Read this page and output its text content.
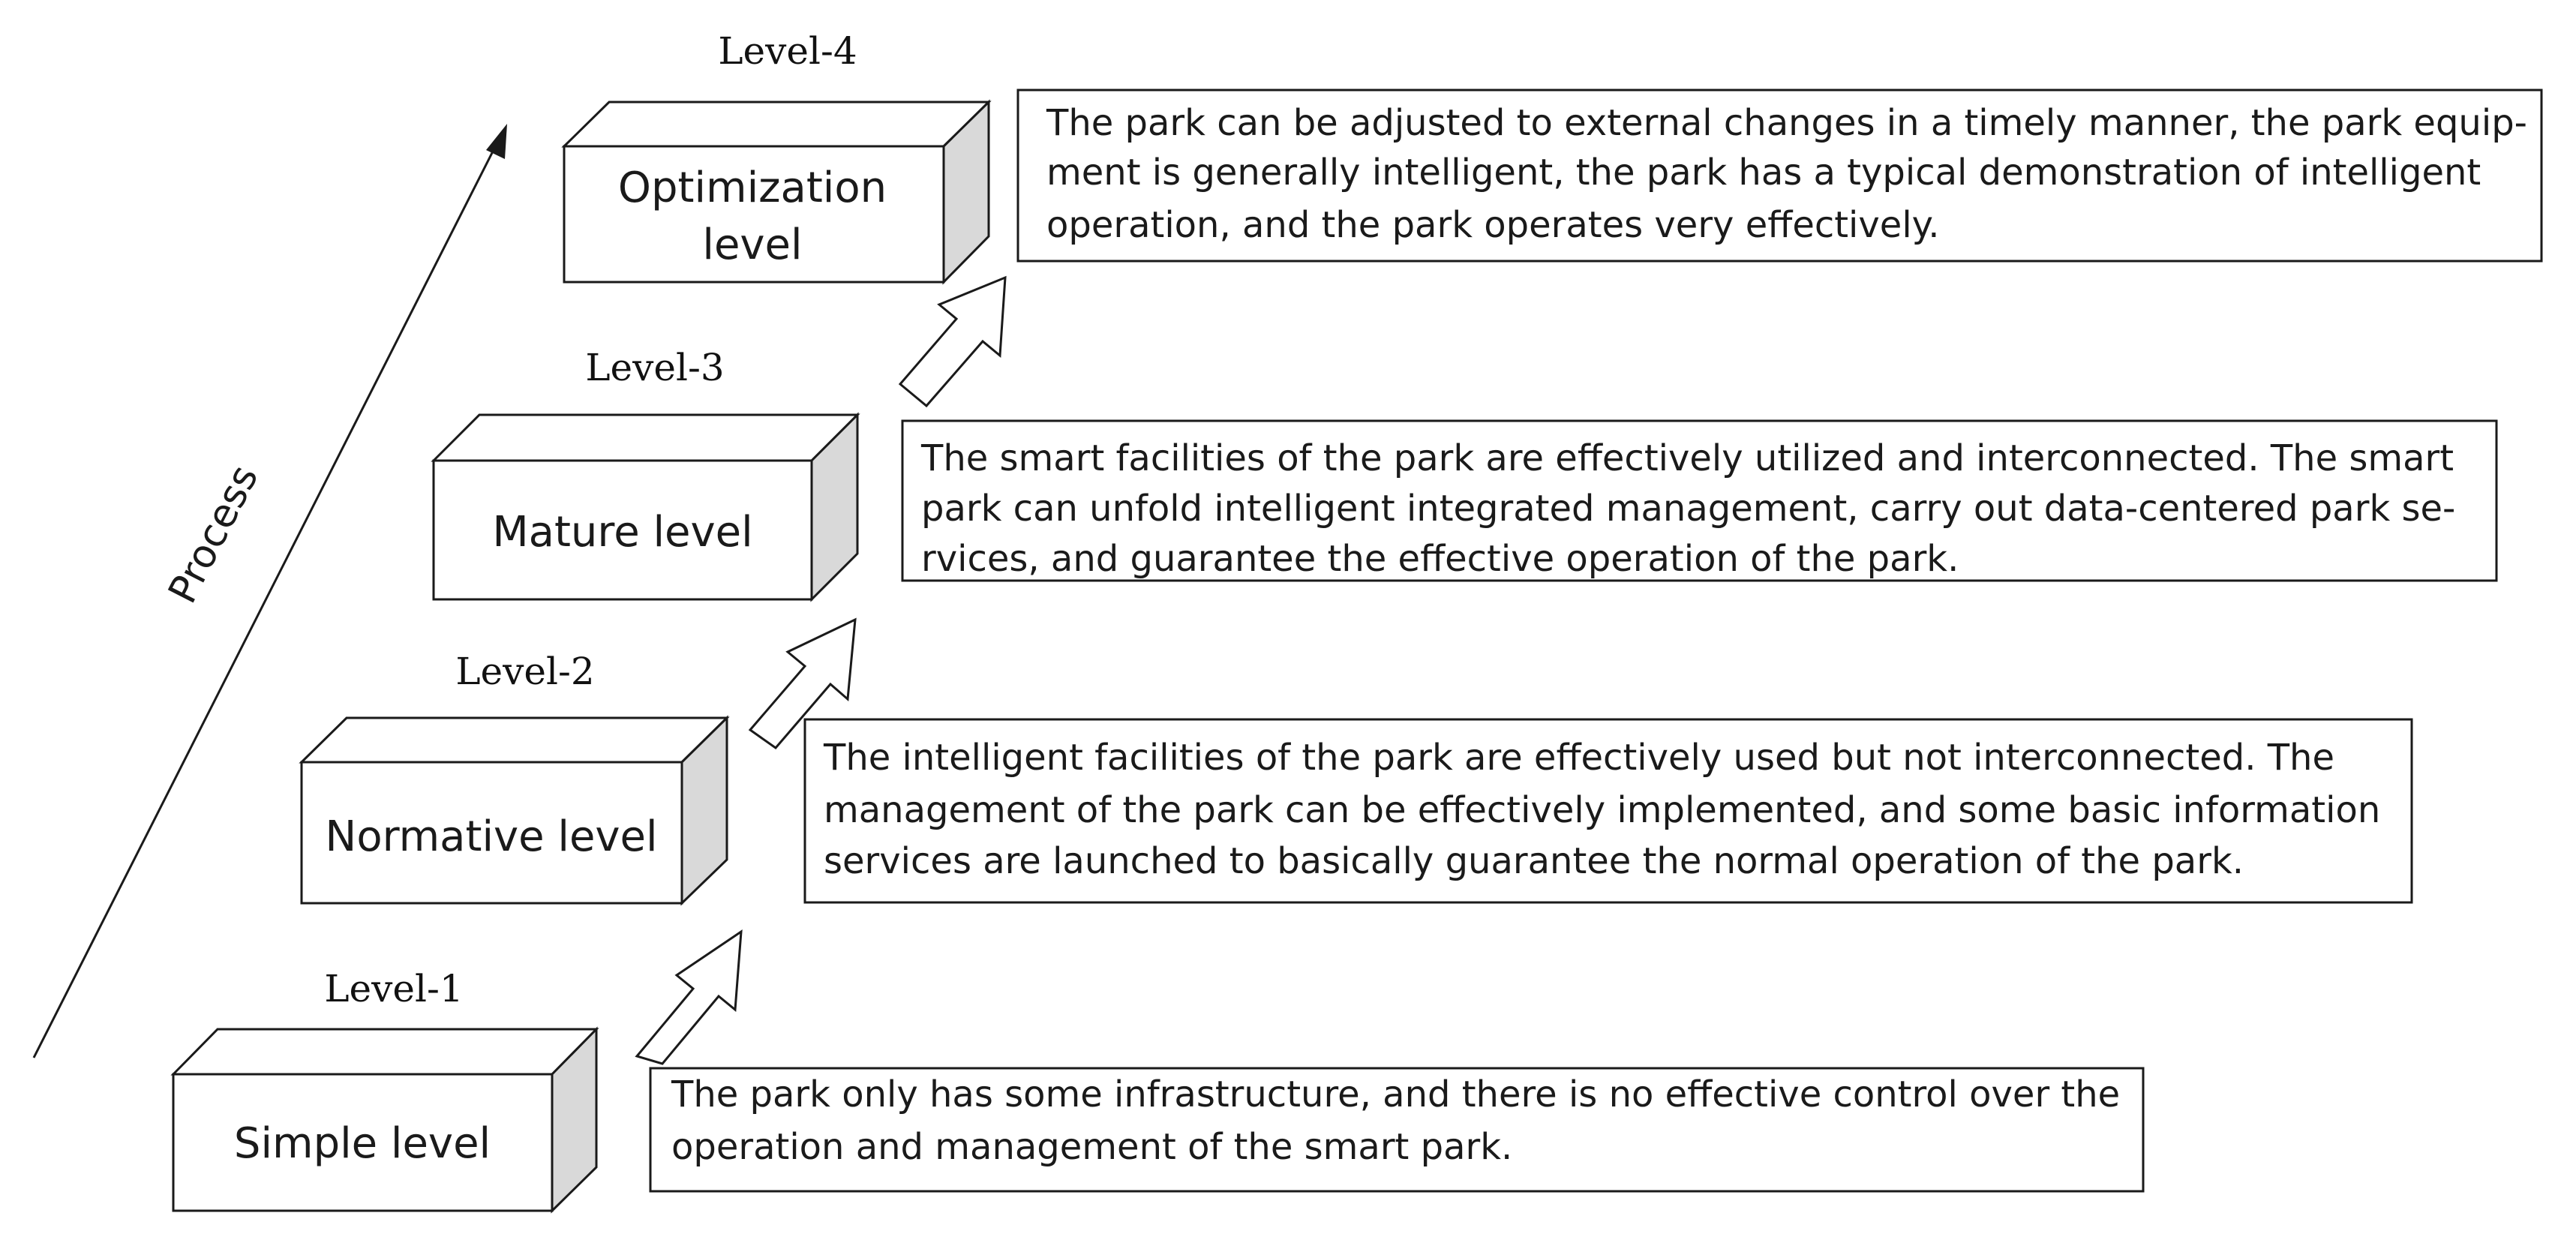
Process
Level-1
Simple level
The park only has some infrastructure, and there is no effective control over the
operation and management of the smart park.
Level-2
Normative level
The intelligent facilities of the park are effectively used but not interconnected. The
management of the park can be effectively implemented, and some basic information
services are launched to basically guarantee the normal operation of the park.
Level-3
Mature level
The smart facilities of the park are effectively utilized and interconnected. The smart
park can unfold intelligent integrated management, carry out data-centered park se-
rvices, and guarantee the effective operation of the park.
Level-4
Optimization
level
The park can be adjusted to external changes in a timely manner, the park equip-
ment is generally intelligent, the park has a typical demonstration of intelligent
operation, and the park operates very effectively.
